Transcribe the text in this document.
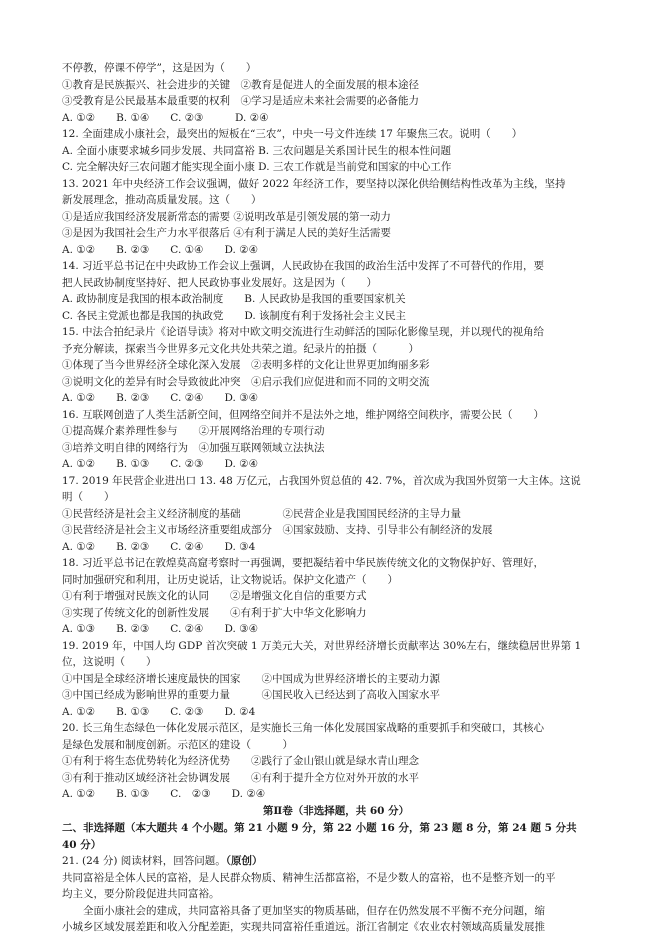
不停教，停课不停学”，这是因为（　　）
①教育是民族振兴、社会进步的关键　②教育是促进人的全面发展的根本途径
③受教育是公民最基本最重要的权利　④学习是适应未来社会需要的必备能力
A. ①②　　B. ①④　　C. ②③　　　D. ②④
12. 全面建成小康社会，最突出的短板在“三农”，中央一号文件连续 17 年聚焦三农。说明（　　）
A. 全面小康要求城乡同步发展、共同富裕 B. 三农问题是关系国计民生的根本性问题
C. 完全解决好三农问题才能实现全面小康 D. 三农工作就是当前党和国家的中心工作
13. 2021 年中央经济工作会议强调，做好 2022 年经济工作，要坚持以深化供给侧结构性改革为主线，坚持
新发展理念，推动高质量发展。这（　　）
①是适应我国经济发展新常态的需要 ②说明改革是引领发展的第一动力
③是因为我国社会生产力水平很落后 ④有利于满足人民的美好生活需要
A. ①②　　B. ②③　　C. ①④　　D. ②④
14. 习近平总书记在中央政协工作会议上强调，人民政协在我国的政治生活中发挥了不可替代的作用，要
把人民政协制度坚持好、把人民政协事业发展好。这是因为（　　）
A. 政协制度是我国的根本政治制度　　B. 人民政协是我国的重要国家机关
C. 各民主党派也都是我国的执政党　　D. 该制度有利于发扬社会主义民主
15. 中法合拍纪录片《论语导读》将对中欧文明交流进行生动鲜活的国际化影像呈现，并以现代的视角给
予充分解读，探索当今世界多元文化共处共荣之道。纪录片的拍摄（　　　）
①体现了当今世界经济全球化深入发展　②表明多样的文化让世界更加绚丽多彩
③说明文化的差异有时会导致彼此冲突　④启示我们应促进和而不同的文明交流
A. ①②　　B. ②③　　C. ②④　　D. ③④
16. 互联网创造了人类生活新空间，但网络空间并不是法外之地，维护网络空间秩序，需要公民（　　）
①提高媒介素养理性参与　　②开展网络治理的专项行动
③培养文明自律的网络行为　④加强互联网领域立法执法
A. ①②　　B. ①③　　C. ②③　　D. ②④
17. 2019 年民营企业进出口 13. 48 万亿元，占我国外贸总值的 42. 7%，首次成为我国外贸第一大主体。这说
明（　　）
①民营经济是社会主义经济制度的基础　　　　②民营企业是我国国民经济的主导力量
③民营经济是社会主义市场经济重要组成部分　④国家鼓励、支持、引导非公有制经济的发展
A. ①②　　B. ②③　　C. ②④　　D. ③4
18. 习近平总书记在敦煌莫高窟考察时一再强调，要把凝结着中华民族传统文化的文物保护好、管理好，
同时加强研究和利用，让历史说话，让文物说话。保护文化遗产（　　）
①有利于增强对民族文化的认同　　②是增强文化自信的重要方式
③实现了传统文化的创新性发展　　④有利于扩大中华文化影响力
A. ①③　　B. ②③　　C. ②④　　D. ③④
19. 2019 年，中国人均 GDP 首次突破 1 万美元大关，对世界经济增长贡献率达 30%左右，继续稳居世界第 1
位，这说明（　　）
①中国是全球经济增长速度最快的国家　　②中国成为世界经济增长的主要动力源
③中国已经成为影响世界的重要力量　　　④国民收入已经达到了高收入国家水平
A. ①②　　B. ①③　　C. ②③　　D. ②4
20. 长三角生态绿色一体化发展示范区，是实施长三角一体化发展国家战略的重要抓手和突破口，其核心
是绿色发展和制度创新。示范区的建设（　　　）
①有利于将生态优势转化为经济优势　　②践行了金山银山就是绿水青山理念
③有利于推动区域经济社会协调发展　　④有利于提升全方位对外开放的水平
A. ①②　　B. ①③　　C.　②③　　D. ②④
第Ⅱ卷（非选择题，共 60 分）
二、非选择题（本大题共 4 个小题。第 21 小题 9 分，第 22 小题 16 分，第 23 题 8 分，第 24 题 5 分共
40 分）
21. (24 分) 阅读材料，回答问题。（原创）
共同富裕是全体人民的富裕，是人民群众物质、精神生活都富裕，不是少数人的富裕，也不是整齐划一的平
均主义，要分阶段促进共同富裕。
　　全面小康社会的建成，共同富裕具备了更加坚实的物质基础，但存在仍然发展不平衡不充分问题，缩
小城乡区域发展差距和收入分配差距，实现共同富裕任重道远。浙江省制定《农业农村领域高质量发展推
